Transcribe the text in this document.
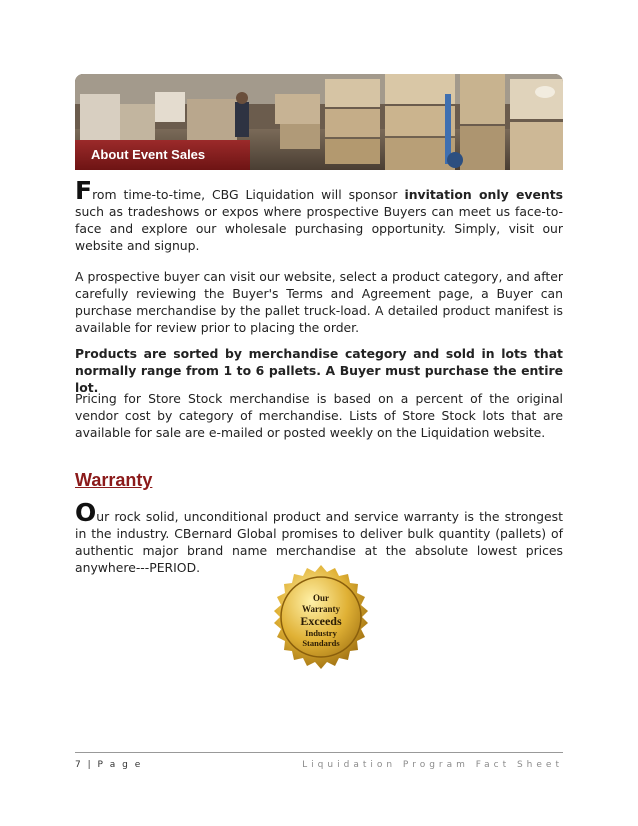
About Event Sales

From time-to-time, CBG Liquidation will sponsor invitation only events such as tradeshows or expos where prospective Buyers can meet us face-to-face and explore our wholesale purchasing opportunity. Simply, visit our website and signup.

A prospective buyer can visit our website, select a product category, and after carefully reviewing the Buyer's Terms and Agreement page, a Buyer can purchase merchandise by the pallet truck-load. A detailed product manifest is available for review prior to placing the order.

Products are sorted by merchandise category and sold in lots that normally range from 1 to 6 pallets. A Buyer must purchase the entire lot.

Pricing for Store Stock merchandise is based on a percent of the original vendor cost by category of merchandise. Lists of Store Stock lots that are available for sale are e-mailed or posted weekly on the Liquidation website.

Warranty

Our rock solid, unconditional product and service warranty is the strongest in the industry. CBernard Global promises to deliver bulk quantity (pallets) of authentic major brand name merchandise at the absolute lowest prices anywhere---PERIOD.

Our
Warranty
Exceeds
Industry
Standards
7 | P a g e	Liquidation Program Fact Sheet
